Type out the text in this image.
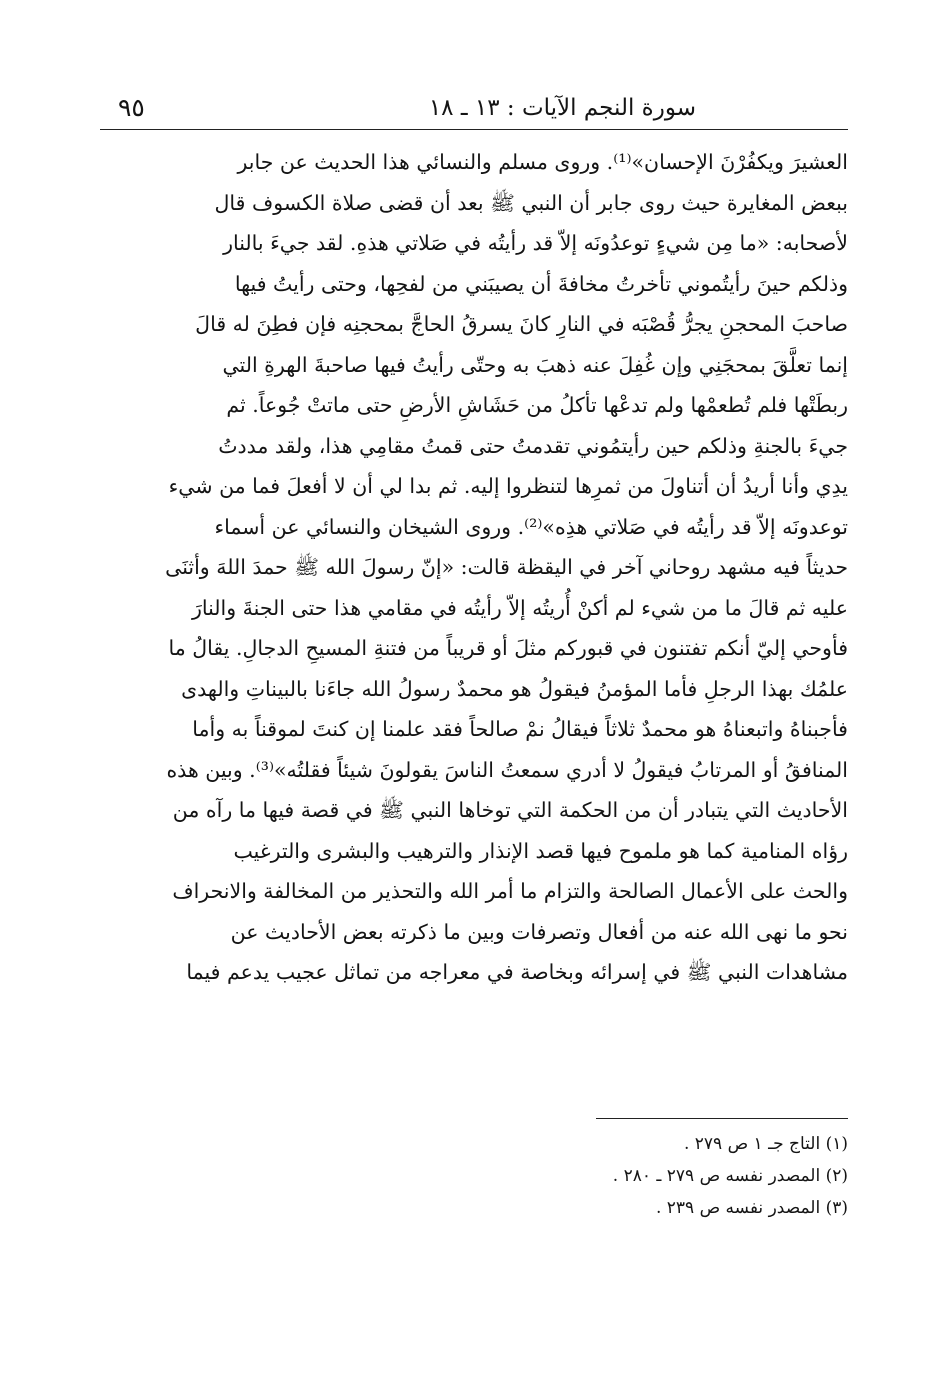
سورة النجم الآيات : ١٣ ـ ١٨
٩٥
العشيرَ ويكفُرْنَ الإحسان»⁽¹⁾. وروى مسلم والنسائي هذا الحديث عن جابر
ببعض المغايرة حيث روى جابر أن النبي ﷺ بعد أن قضى صلاة الكسوف قال
لأصحابه: «ما مِن شيءٍ توعدُونَه إلاّ قد رأيتُه في صَلاتي هذهِ. لقد جيءَ بالنار
وذلكم حينَ رأيتُموني تأخرتُ مخافةَ أن يصيبَني من لفحِها، وحتى رأيتُ فيها
صاحبَ المحجنِ يجرُّ قُصْبَه في النارِ كانَ يسرقُ الحاجَّ بمحجنِه فإن فطِنَ له قالَ
إنما تعلَّقَ بمحجَنِي وإن غُفِلَ عنه ذهبَ به وحتّى رأيتُ فيها صاحبةَ الهرةِ التي
ربطَتْها فلم تُطعمْها ولم تدعْها تأكلُ من حَشَاشِ الأرضِ حتى ماتتْ جُوعاً. ثم
جيءَ بالجنةِ وذلكم حين رأيتمُوني تقدمتُ حتى قمتُ مقامِي هذا، ولقد مددتُ
يدِي وأنا أريدُ أن أتناولَ من ثمرِها لتنظروا إليه. ثم بدا لي أن لا أفعلَ فما من شيء
توعدونَه إلاّ قد رأيتُه في صَلاتي هذِه»⁽²⁾. وروى الشيخان والنسائي عن أسماء
حديثاً فيه مشهد روحاني آخر في اليقظة قالت: «إنّ رسولَ الله ﷺ حمدَ اللهَ وأثنَى
عليه ثم قالَ ما من شيء لم أكنْ أُريتُه إلاّ رأيتُه في مقامي هذا حتى الجنةَ والنارَ
فأوحي إليّ أنكم تفتنون في قبوركم مثلَ أو قريباً من فتنةِ المسيحِ الدجالِ. يقالُ ما
علمُك بهذا الرجلِ فأما المؤمنُ فيقولُ هو محمدٌ رسولُ الله جاءَنا بالبيناتِ والهدى
فأجبناهُ واتبعناهُ هو محمدٌ ثلاثاً فيقالُ نمْ صالحاً فقد علمنا إن كنتَ لموقناً به وأما
المنافقُ أو المرتابُ فيقولُ لا أدري سمعتُ الناسَ يقولونَ شيئاً فقلتُه»⁽³⁾. وبين هذه
الأحاديث التي يتبادر أن من الحكمة التي توخاها النبي ﷺ في قصة فيها ما رآه من
رؤاه المنامية كما هو ملموح فيها قصد الإنذار والترهيب والبشرى والترغيب
والحث على الأعمال الصالحة والتزام ما أمر الله والتحذير من المخالفة والانحراف
نحو ما نهى الله عنه من أفعال وتصرفات وبين ما ذكرته بعض الأحاديث عن
مشاهدات النبي ﷺ في إسرائه وبخاصة في معراجه من تماثل عجيب يدعم فيما
(١) التاج جـ ١ ص ٢٧٩ .
(٢) المصدر نفسه ص ٢٧٩ ـ ٢٨٠ .
(٣) المصدر نفسه ص ٢٣٩ .
